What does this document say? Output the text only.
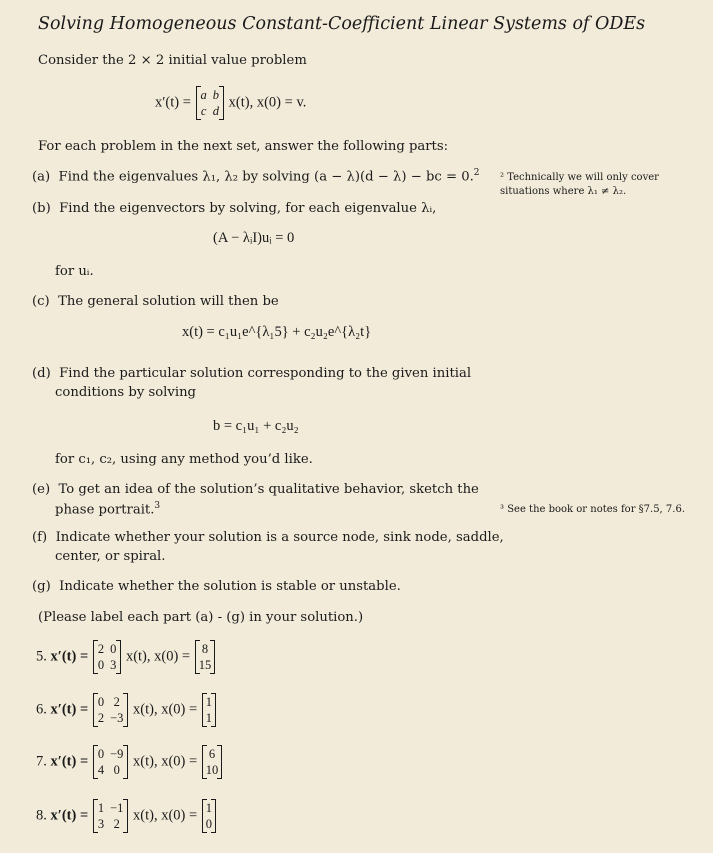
Solving Homogeneous Constant-Coefficient Linear Systems of ODEs
Consider the 2 × 2 initial value problem
x′(t) = a	b
c	d
x(t), x(0) = v.
For each problem in the next set, answer the following parts:
(a) Find the eigenvalues λ₁, λ₂ by solving (a − λ)(d − λ) − bc = 0.$^2$ ² Technically we will only cover situations where λ₁ ≠ λ₂.
(b) Find the eigenvectors by solving, for each eigenvalue λᵢ,
(A − λᵢI)uᵢ = 0
for uᵢ.
(c) The general solution will then be
x(t) = c₁u₁e^{λ₁5} + c₂u₂e^{λ₂t}
(d) Find the particular solution corresponding to the given initial
conditions by solving
b = c₁u₁ + c₂u₂
for c₁, c₂, using any method you’d like.
(e) To get an idea of the solution’s qualitative behavior, sketch the
phase portrait.$^3$	³ See the book or notes for §7.5, 7.6.
(f) Indicate whether your solution is a source node, sink node, saddle,
center, or spiral.
(g) Indicate whether the solution is stable or unstable.
(Please label each part (a) - (g) in your solution.)
5. x′(t) = 2	0
0	3
x(t), x(0) = 8
15
6. x′(t) = 0	2
2	−3
x(t), x(0) = 1
1
7. x′(t) = 0	−9
4	0
x(t), x(0) = 6
10
8. x′(t) = 1	−1
3	2
x(t), x(0) = 1
0
